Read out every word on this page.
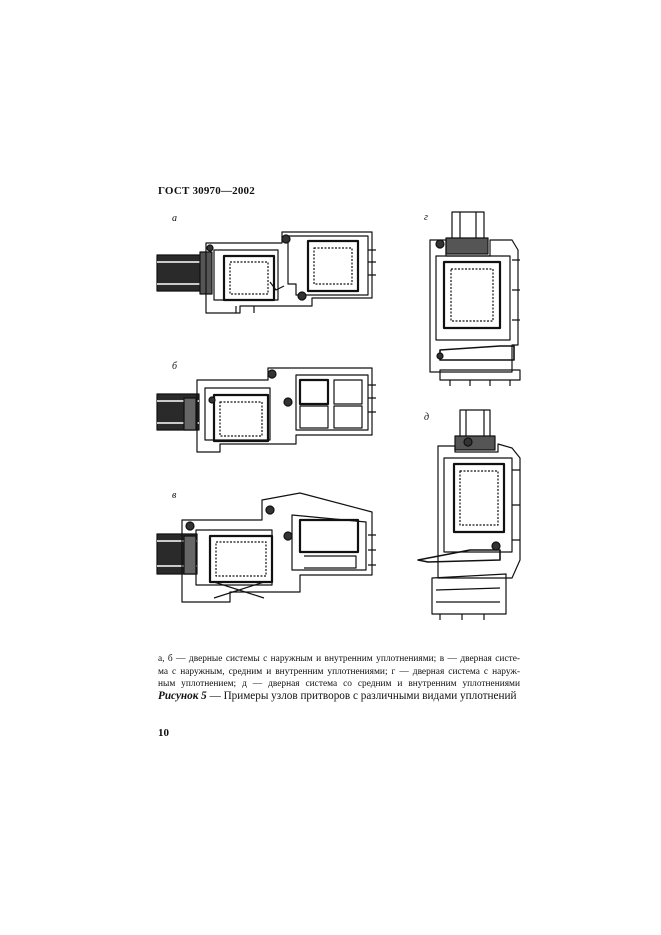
ГОСТ 30970—2002
а
б
в
г
д
а, б — дверные системы с наружным и внутренним уплотнениями; в — дверная систе-
ма с наружным, средним и внутренним уплотнениями; г — дверная система с наруж-
ным уплотнением; д — дверная система со средним и внутренним уплотнениями
Рисунок 5 — Примеры узлов притворов с различными видами уплотнений
10
